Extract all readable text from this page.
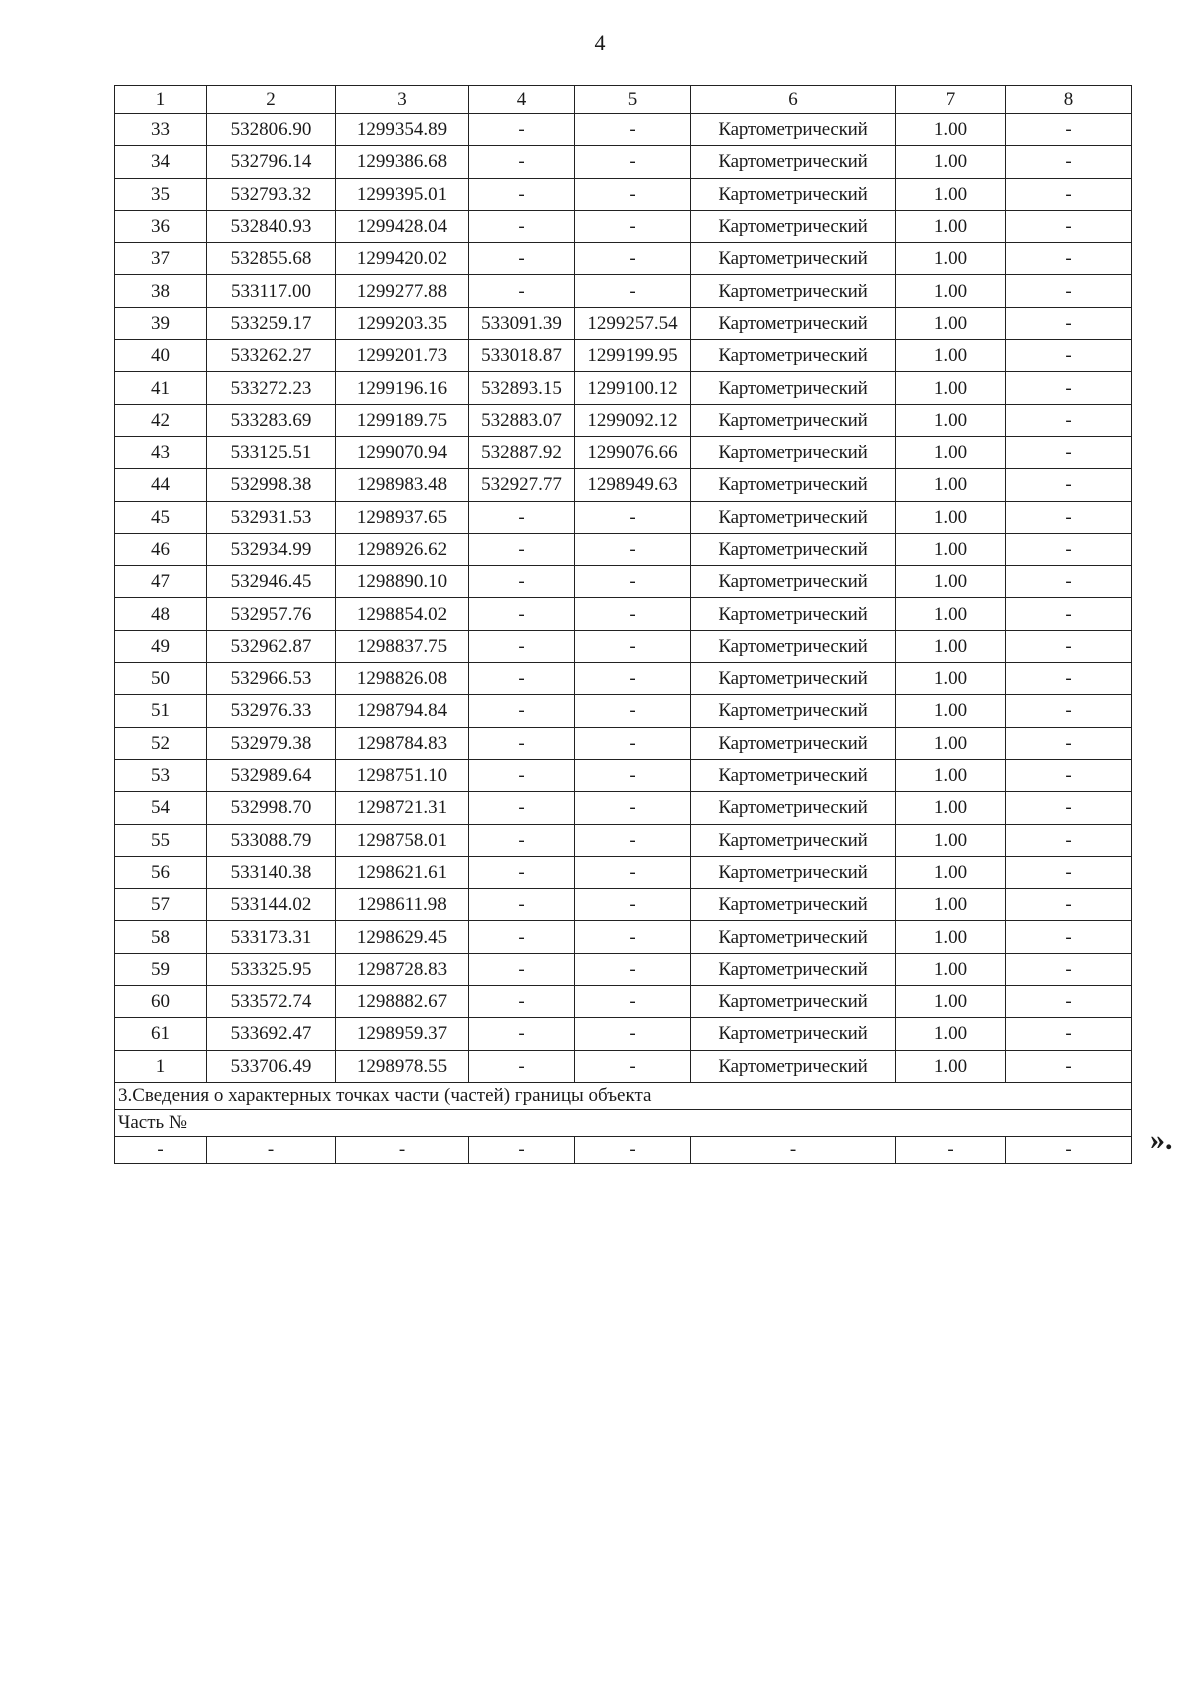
4
1	2	3	4	5	6	7	8
33	532806.90	1299354.89	-	-	Картометрический	1.00	-
34	532796.14	1299386.68	-	-	Картометрический	1.00	-
35	532793.32	1299395.01	-	-	Картометрический	1.00	-
36	532840.93	1299428.04	-	-	Картометрический	1.00	-
37	532855.68	1299420.02	-	-	Картометрический	1.00	-
38	533117.00	1299277.88	-	-	Картометрический	1.00	-
39	533259.17	1299203.35	533091.39	1299257.54	Картометрический	1.00	-
40	533262.27	1299201.73	533018.87	1299199.95	Картометрический	1.00	-
41	533272.23	1299196.16	532893.15	1299100.12	Картометрический	1.00	-
42	533283.69	1299189.75	532883.07	1299092.12	Картометрический	1.00	-
43	533125.51	1299070.94	532887.92	1299076.66	Картометрический	1.00	-
44	532998.38	1298983.48	532927.77	1298949.63	Картометрический	1.00	-
45	532931.53	1298937.65	-	-	Картометрический	1.00	-
46	532934.99	1298926.62	-	-	Картометрический	1.00	-
47	532946.45	1298890.10	-	-	Картометрический	1.00	-
48	532957.76	1298854.02	-	-	Картометрический	1.00	-
49	532962.87	1298837.75	-	-	Картометрический	1.00	-
50	532966.53	1298826.08	-	-	Картометрический	1.00	-
51	532976.33	1298794.84	-	-	Картометрический	1.00	-
52	532979.38	1298784.83	-	-	Картометрический	1.00	-
53	532989.64	1298751.10	-	-	Картометрический	1.00	-
54	532998.70	1298721.31	-	-	Картометрический	1.00	-
55	533088.79	1298758.01	-	-	Картометрический	1.00	-
56	533140.38	1298621.61	-	-	Картометрический	1.00	-
57	533144.02	1298611.98	-	-	Картометрический	1.00	-
58	533173.31	1298629.45	-	-	Картометрический	1.00	-
59	533325.95	1298728.83	-	-	Картометрический	1.00	-
60	533572.74	1298882.67	-	-	Картометрический	1.00	-
61	533692.47	1298959.37	-	-	Картометрический	1.00	-
1	533706.49	1298978.55	-	-	Картометрический	1.00	-
3.Сведения о характерных точках части (частей) границы объекта							
Часть №							
-	-	-	-	-	-	-	-	».
